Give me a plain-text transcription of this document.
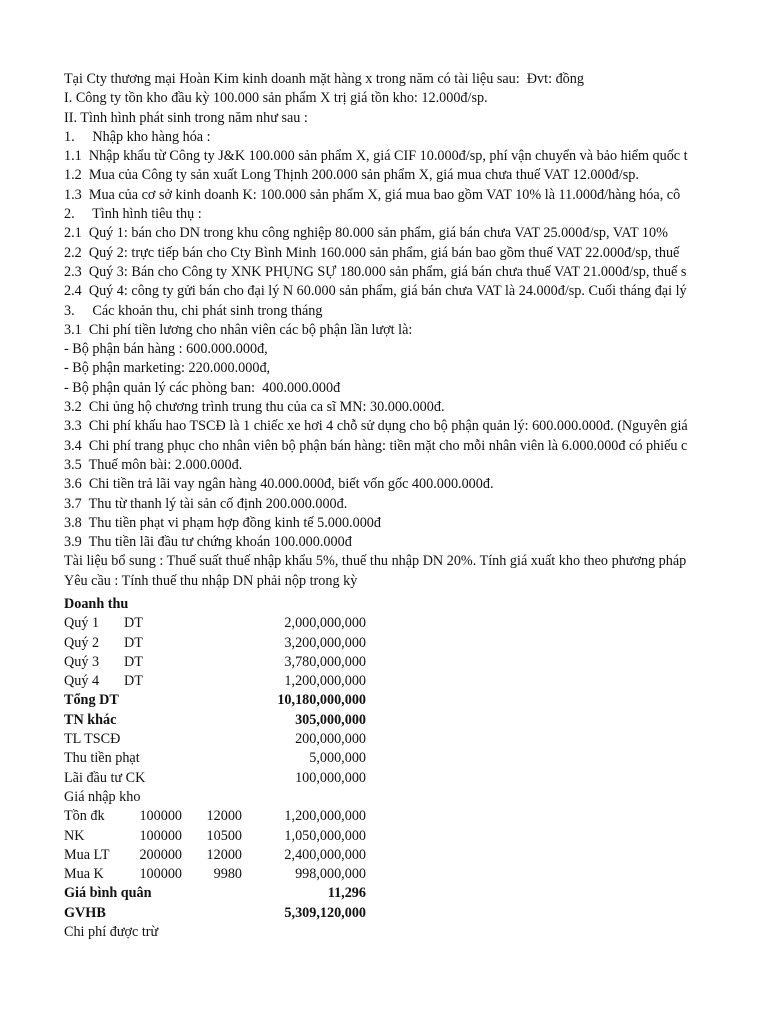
Tại Cty thương mại Hoàn Kim kinh doanh mặt hàng x trong năm có tài liệu sau:  Đvt: đồng
I. Công ty tồn kho đầu kỳ 100.000 sản phẩm X trị giá tồn kho: 12.000đ/sp.
II. Tình hình phát sinh trong năm như sau :
1.     Nhập kho hàng hóa :
1.1  Nhập khẩu từ Công ty J&K 100.000 sản phẩm X, giá CIF 10.000đ/sp, phí vận chuyển và bảo hiểm quốc t
1.2  Mua của Công ty sản xuất Long Thịnh 200.000 sản phẩm X, giá mua chưa thuế VAT 12.000đ/sp.
1.3  Mua của cơ sở kinh doanh K: 100.000 sản phẩm X, giá mua bao gồm VAT 10% là 11.000đ/hàng hóa, cô
2.     Tình hình tiêu thụ :
2.1  Quý 1: bán cho DN trong khu công nghiệp 80.000 sản phẩm, giá bán chưa VAT 25.000đ/sp, VAT 10%
2.2  Quý 2: trực tiếp bán cho Cty Bình Minh 160.000 sản phẩm, giá bán bao gồm thuế VAT 22.000đ/sp, thuế
2.3  Quý 3: Bán cho Công ty XNK PHỤNG SỰ 180.000 sản phẩm, giá bán chưa thuế VAT 21.000đ/sp, thuế s
2.4  Quý 4: công ty gửi bán cho đại lý N 60.000 sản phẩm, giá bán chưa VAT là 24.000đ/sp. Cuối tháng đại lý
3.     Các khoản thu, chi phát sinh trong tháng
3.1  Chi phí tiền lương cho nhân viên các bộ phận lần lượt là:
- Bộ phận bán hàng : 600.000.000đ,
- Bộ phận marketing: 220.000.000đ,
- Bộ phận quản lý các phòng ban:  400.000.000đ
3.2  Chi ủng hộ chương trình trung thu của ca sĩ MN: 30.000.000đ.
3.3  Chi phí khấu hao TSCĐ là 1 chiếc xe hơi 4 chỗ sử dụng cho bộ phận quản lý: 600.000.000đ. (Nguyên giá
3.4  Chi phí trang phục cho nhân viên bộ phận bán hàng: tiền mặt cho mỗi nhân viên là 6.000.000đ có phiếu c
3.5  Thuế môn bài: 2.000.000đ.
3.6  Chi tiền trả lãi vay ngân hàng 40.000.000đ, biết vốn gốc 400.000.000đ.
3.7  Thu từ thanh lý tài sản cố định 200.000.000đ.
3.8  Thu tiền phạt vi phạm hợp đồng kinh tế 5.000.000đ
3.9  Thu tiền lãi đầu tư chứng khoán 100.000.000đ
Tài liệu bổ sung : Thuế suất thuế nhập khẩu 5%, thuế thu nhập DN 20%. Tính giá xuất kho theo phương pháp
Yêu cầu : Tính thuế thu nhập DN phải nộp trong kỳ
Doanh thu
Quý 1 DT	2,000,000,000
Quý 2 DT	3,200,000,000
Quý 3 DT	3,780,000,000
Quý 4 DT	1,200,000,000
Tổng DT	10,180,000,000
TN khác	305,000,000
TL TSCĐ	200,000,000
Thu tiền phạt	5,000,000
Lãi đầu tư CK	100,000,000
Giá nhập kho
Tồn đk	100000	12000	1,200,000,000
NK	100000	10500	1,050,000,000
Mua LT	200000	12000	2,400,000,000
Mua K	100000	9980	998,000,000
Giá bình quân	11,296
GVHB	5,309,120,000
Chi phí được trừ
